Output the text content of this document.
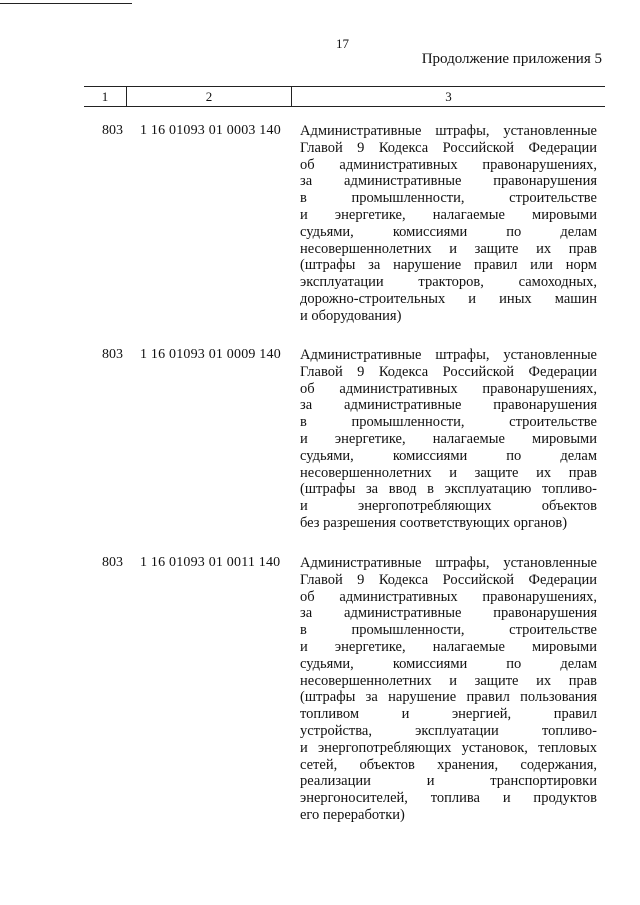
17
Продолжение приложения 5
1	2	3
803 1 16 01093 01 0003 140 Административные штрафы, установленные
Главой 9 Кодекса Российской Федерации
об административных правонарушениях,
за административные правонарушения
в промышленности, строительстве
и энергетике, налагаемые мировыми
судьями, комиссиями по делам
несовершеннолетних и защите их прав
(штрафы за нарушение правил или норм
эксплуатации тракторов, самоходных,
дорожно-строительных и иных машин
и оборудования)
803 1 16 01093 01 0009 140 Административные штрафы, установленные
Главой 9 Кодекса Российской Федерации
об административных правонарушениях,
за административные правонарушения
в промышленности, строительстве
и энергетике, налагаемые мировыми
судьями, комиссиями по делам
несовершеннолетних и защите их прав
(штрафы за ввод в эксплуатацию топливо-
и энергопотребляющих объектов
без разрешения соответствующих органов)
803 1 16 01093 01 0011 140 Административные штрафы, установленные
Главой 9 Кодекса Российской Федерации
об административных правонарушениях,
за административные правонарушения
в промышленности, строительстве
и энергетике, налагаемые мировыми
судьями, комиссиями по делам
несовершеннолетних и защите их прав
(штрафы за нарушение правил пользования
топливом и энергией, правил
устройства, эксплуатации топливо-
и энергопотребляющих установок, тепловых
сетей, объектов хранения, содержания,
реализации и транспортировки
энергоносителей, топлива и продуктов
его переработки)
